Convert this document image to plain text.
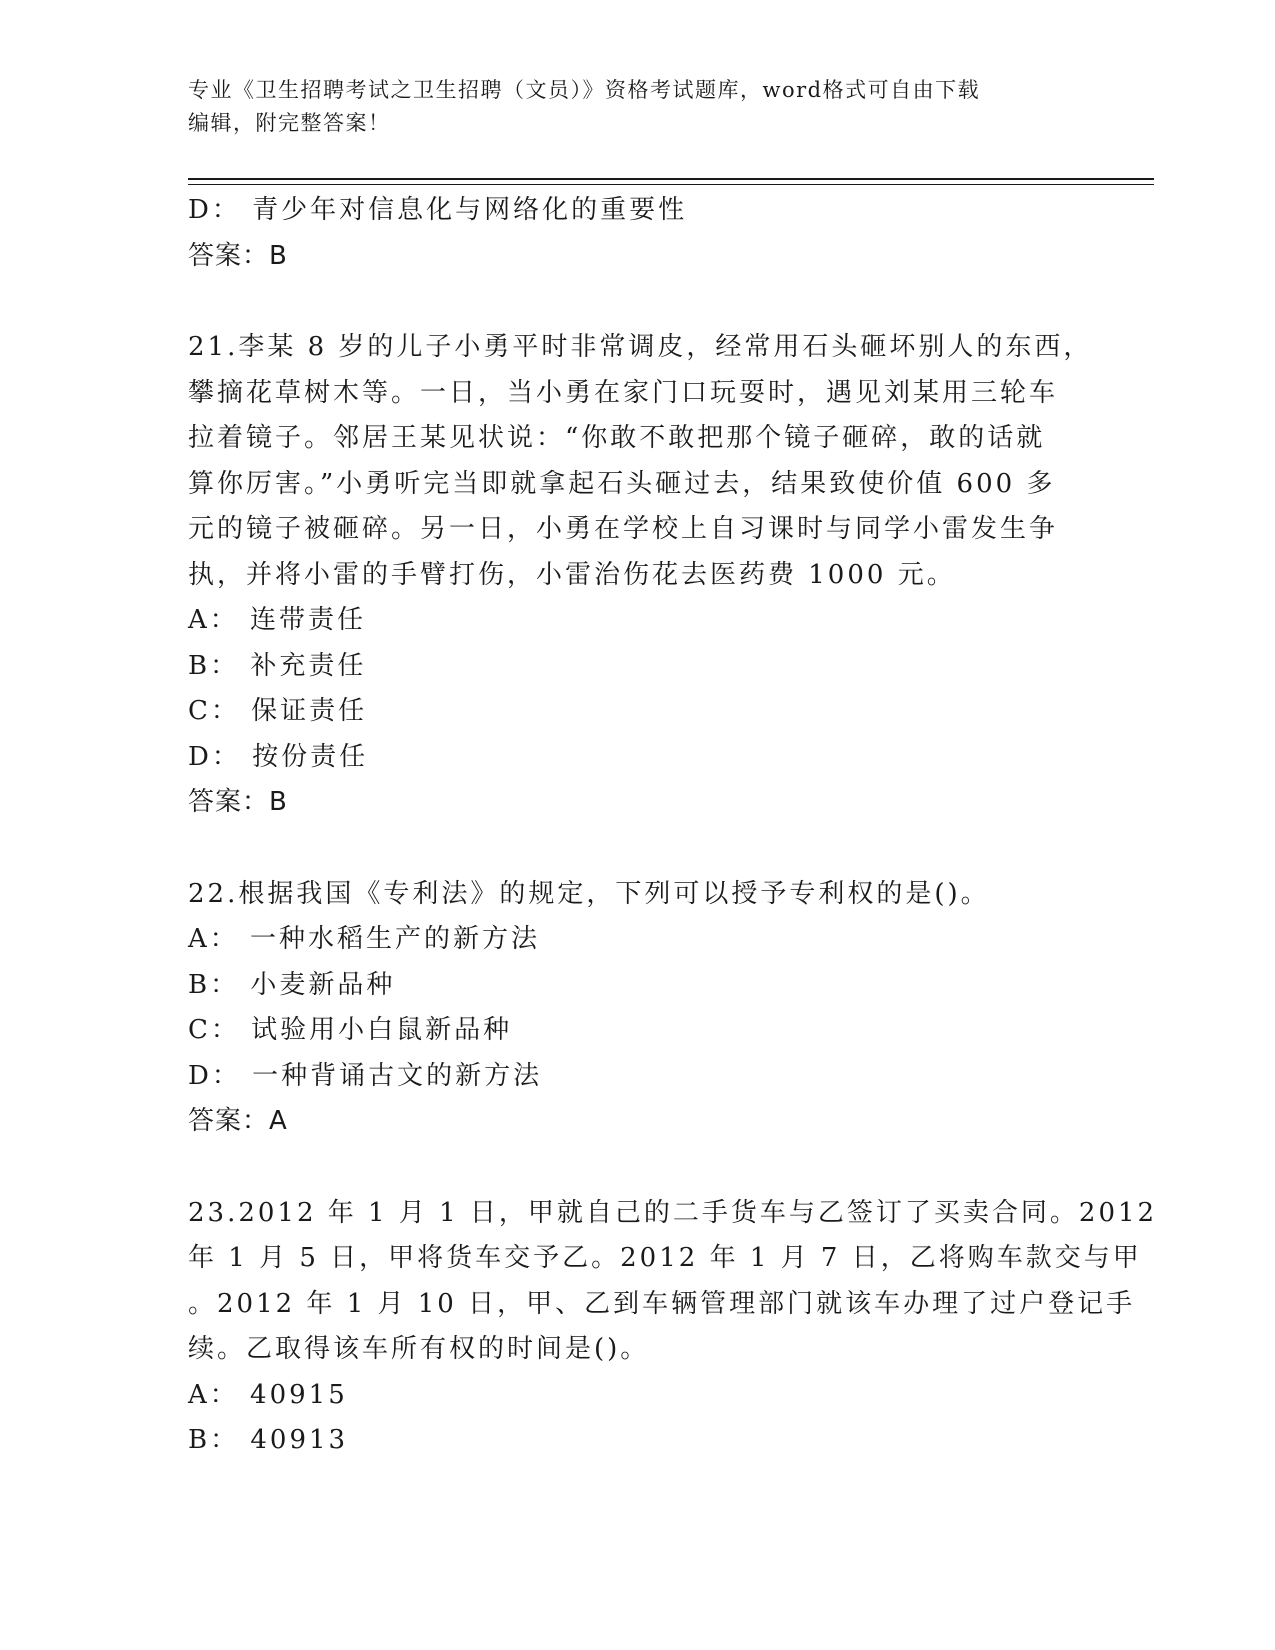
专业《卫生招聘考试之卫生招聘（文员）》资格考试题库，word格式可自由下载
编辑，附完整答案！
D： 青少年对信息化与网络化的重要性
答案：B
21.李某 8 岁的儿子小勇平时非常调皮，经常用石头砸坏别人的东西，
攀摘花草树木等。一日，当小勇在家门口玩耍时，遇见刘某用三轮车
拉着镜子。邻居王某见状说：“你敢不敢把那个镜子砸碎，敢的话就
算你厉害。”小勇听完当即就拿起石头砸过去，结果致使价值 600 多
元的镜子被砸碎。另一日，小勇在学校上自习课时与同学小雷发生争
执，并将小雷的手臂打伤，小雷治伤花去医药费 1000 元。
A： 连带责任
B： 补充责任
C： 保证责任
D： 按份责任
答案：B
22.根据我国《专利法》的规定，下列可以授予专利权的是()。
A： 一种水稻生产的新方法
B： 小麦新品种
C： 试验用小白鼠新品种
D： 一种背诵古文的新方法
答案：A
23.2012 年 1 月 1 日，甲就自己的二手货车与乙签订了买卖合同。2012
年 1 月 5 日，甲将货车交予乙。2012 年 1 月 7 日，乙将购车款交与甲
。2012 年 1 月 10 日，甲、乙到车辆管理部门就该车办理了过户登记手
续。乙取得该车所有权的时间是()。
A： 40915
B： 40913
